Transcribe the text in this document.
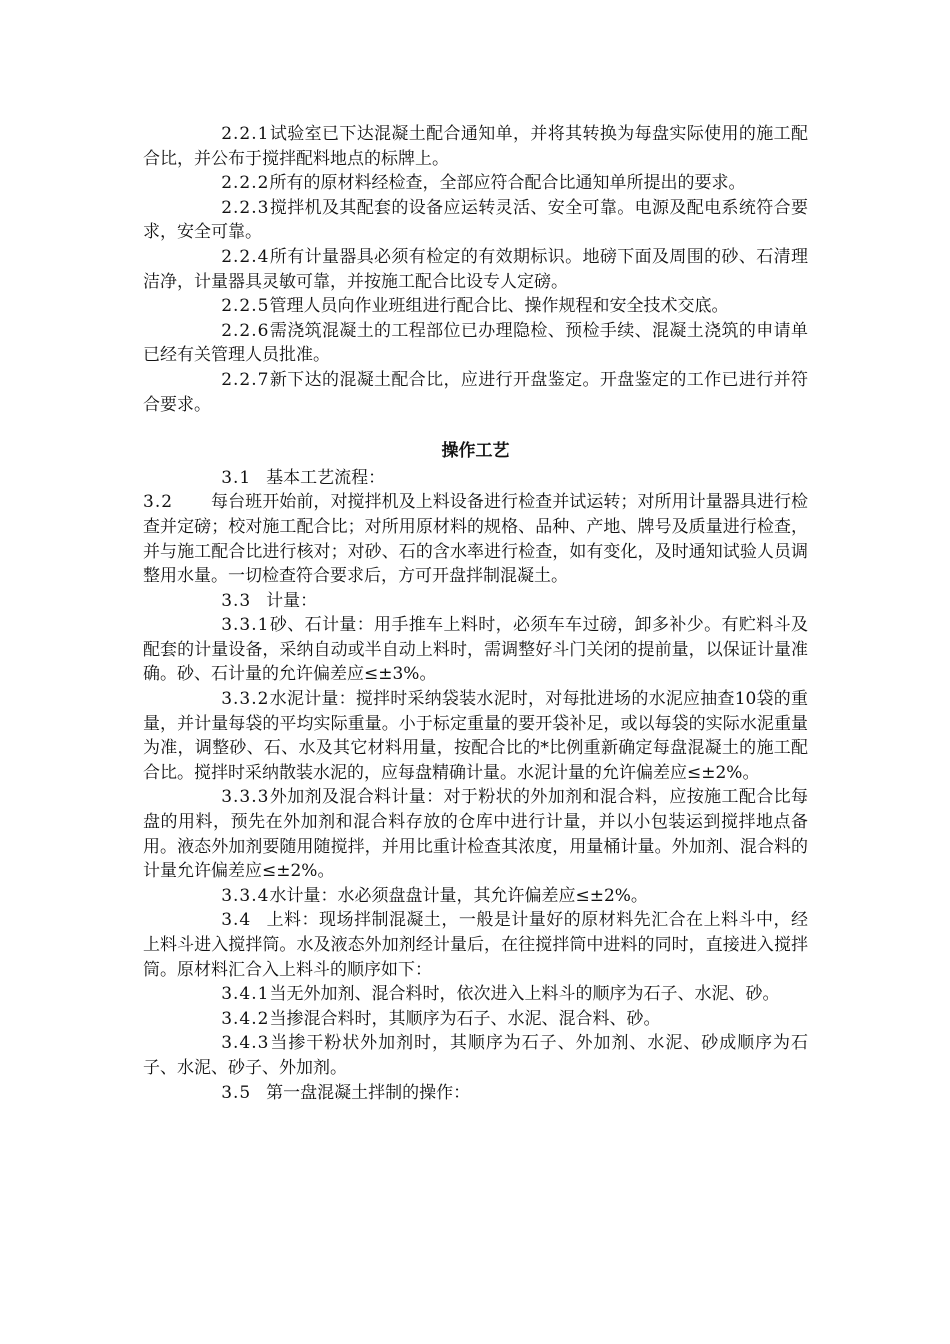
2.2.1试验室已下达混凝土配合通知单，并将其转换为每盘实际使用的施工配合比，并公布于搅拌配料地点的标牌上。

2.2.2所有的原材料经检查，全部应符合配合比通知单所提出的要求。

2.2.3搅拌机及其配套的设备应运转灵活、安全可靠。电源及配电系统符合要求，安全可靠。

2.2.4所有计量器具必须有检定的有效期标识。地磅下面及周围的砂、石清理洁净，计量器具灵敏可靠，并按施工配合比设专人定磅。

2.2.5管理人员向作业班组进行配合比、操作规程和安全技术交底。

2.2.6需浇筑混凝土的工程部位已办理隐检、预检手续、混凝土浇筑的申请单已经有关管理人员批准。

2.2.7新下达的混凝土配合比，应进行开盘鉴定。开盘鉴定的工作已进行并符合要求。

操作工艺

3.1 基本工艺流程：

3.2 每台班开始前，对搅拌机及上料设备进行检查并试运转；对所用计量器具进行检查并定磅；校对施工配合比；对所用原材料的规格、品种、产地、牌号及质量进行检查，并与施工配合比进行核对；对砂、石的含水率进行检查，如有变化，及时通知试验人员调整用水量。一切检查符合要求后，方可开盘拌制混凝土。

3.3 计量：

3.3.1砂、石计量：用手推车上料时，必须车车过磅，卸多补少。有贮料斗及配套的计量设备，采纳自动或半自动上料时，需调整好斗门关闭的提前量，以保证计量准确。砂、石计量的允许偏差应≤±3%。

3.3.2水泥计量：搅拌时采纳袋装水泥时，对每批进场的水泥应抽查10袋的重量，并计量每袋的平均实际重量。小于标定重量的要开袋补足，或以每袋的实际水泥重量为准，调整砂、石、水及其它材料用量，按配合比的*比例重新确定每盘混凝土的施工配合比。搅拌时采纳散装水泥的，应每盘精确计量。水泥计量的允许偏差应≤±2%。

3.3.3外加剂及混合料计量：对于粉状的外加剂和混合料，应按施工配合比每盘的用料，预先在外加剂和混合料存放的仓库中进行计量，并以小包装运到搅拌地点备用。液态外加剂要随用随搅拌，并用比重计检查其浓度，用量桶计量。外加剂、混合料的计量允许偏差应≤±2%。

3.3.4水计量：水必须盘盘计量，其允许偏差应≤±2%。

3.4 上料：现场拌制混凝土，一般是计量好的原材料先汇合在上料斗中，经上料斗进入搅拌筒。水及液态外加剂经计量后，在往搅拌筒中进料的同时，直接进入搅拌筒。原材料汇合入上料斗的顺序如下：

3.4.1当无外加剂、混合料时，依次进入上料斗的顺序为石子、水泥、砂。

3.4.2当掺混合料时，其顺序为石子、水泥、混合料、砂。

3.4.3当掺干粉状外加剂时，其顺序为石子、外加剂、水泥、砂成顺序为石子、水泥、砂子、外加剂。

3.5 第一盘混凝土拌制的操作：
